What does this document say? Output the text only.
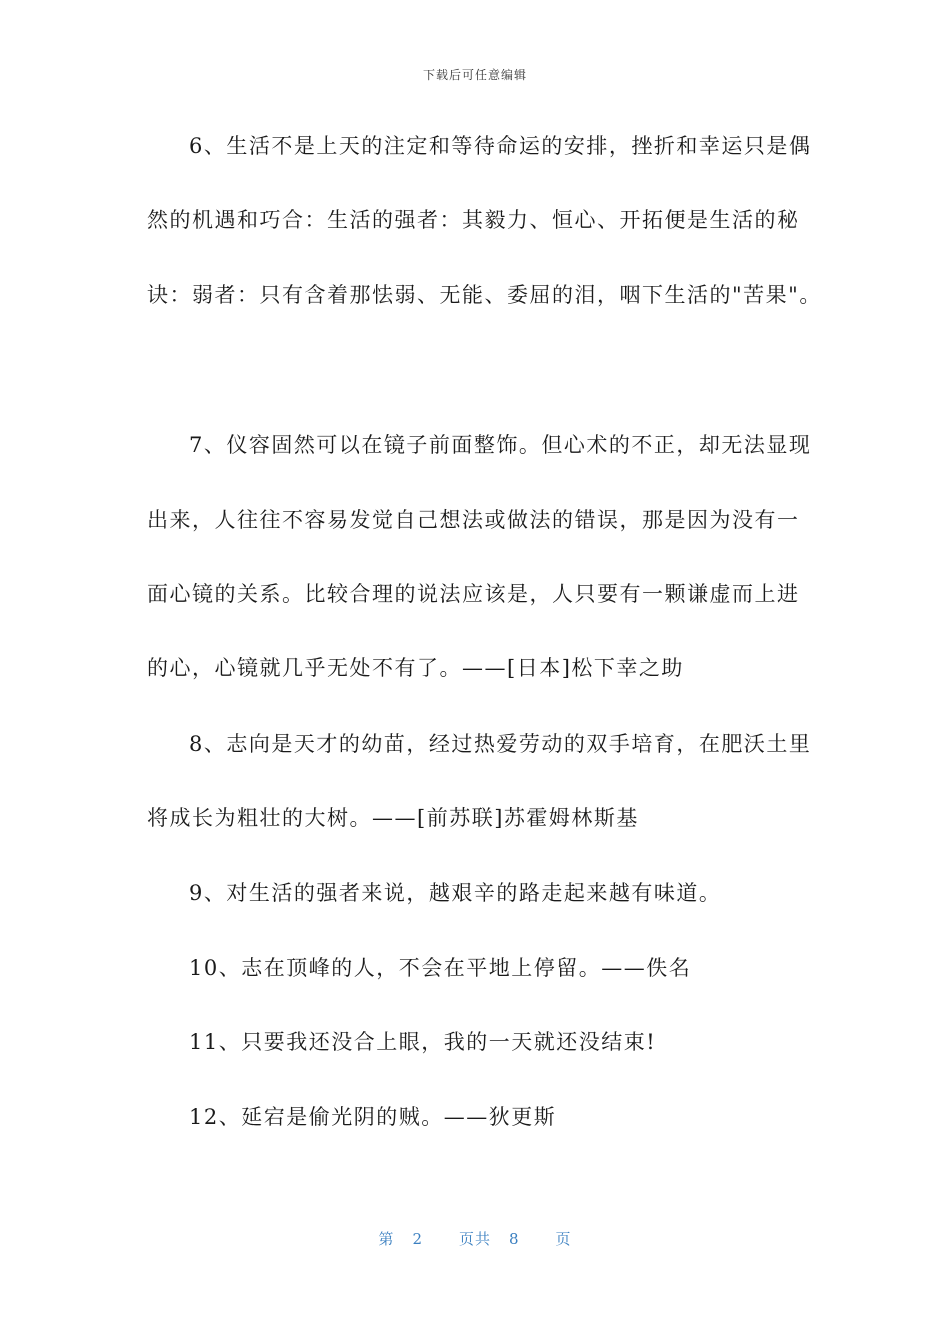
下载后可任意编辑
6、生活不是上天的注定和等待命运的安排，挫折和幸运只是偶
然的机遇和巧合：生活的强者：其毅力、恒心、开拓便是生活的秘
诀：弱者：只有含着那怯弱、无能、委屈的泪，咽下生活的"苦果"。
7、仪容固然可以在镜子前面整饰。但心术的不正，却无法显现
出来，人往往不容易发觉自己想法或做法的错误，那是因为没有一
面心镜的关系。比较合理的说法应该是，人只要有一颗谦虚而上进
的心，心镜就几乎无处不有了。——[日本]松下幸之助
8、志向是天才的幼苗，经过热爱劳动的双手培育，在肥沃土里
将成长为粗壮的大树。——[前苏联]苏霍姆林斯基
9、对生活的强者来说，越艰辛的路走起来越有味道。
10、志在顶峰的人，不会在平地上停留。——佚名
11、只要我还没合上眼，我的一天就还没结束!
12、延宕是偷光阴的贼。——狄更斯
第 2 页共 8 页
